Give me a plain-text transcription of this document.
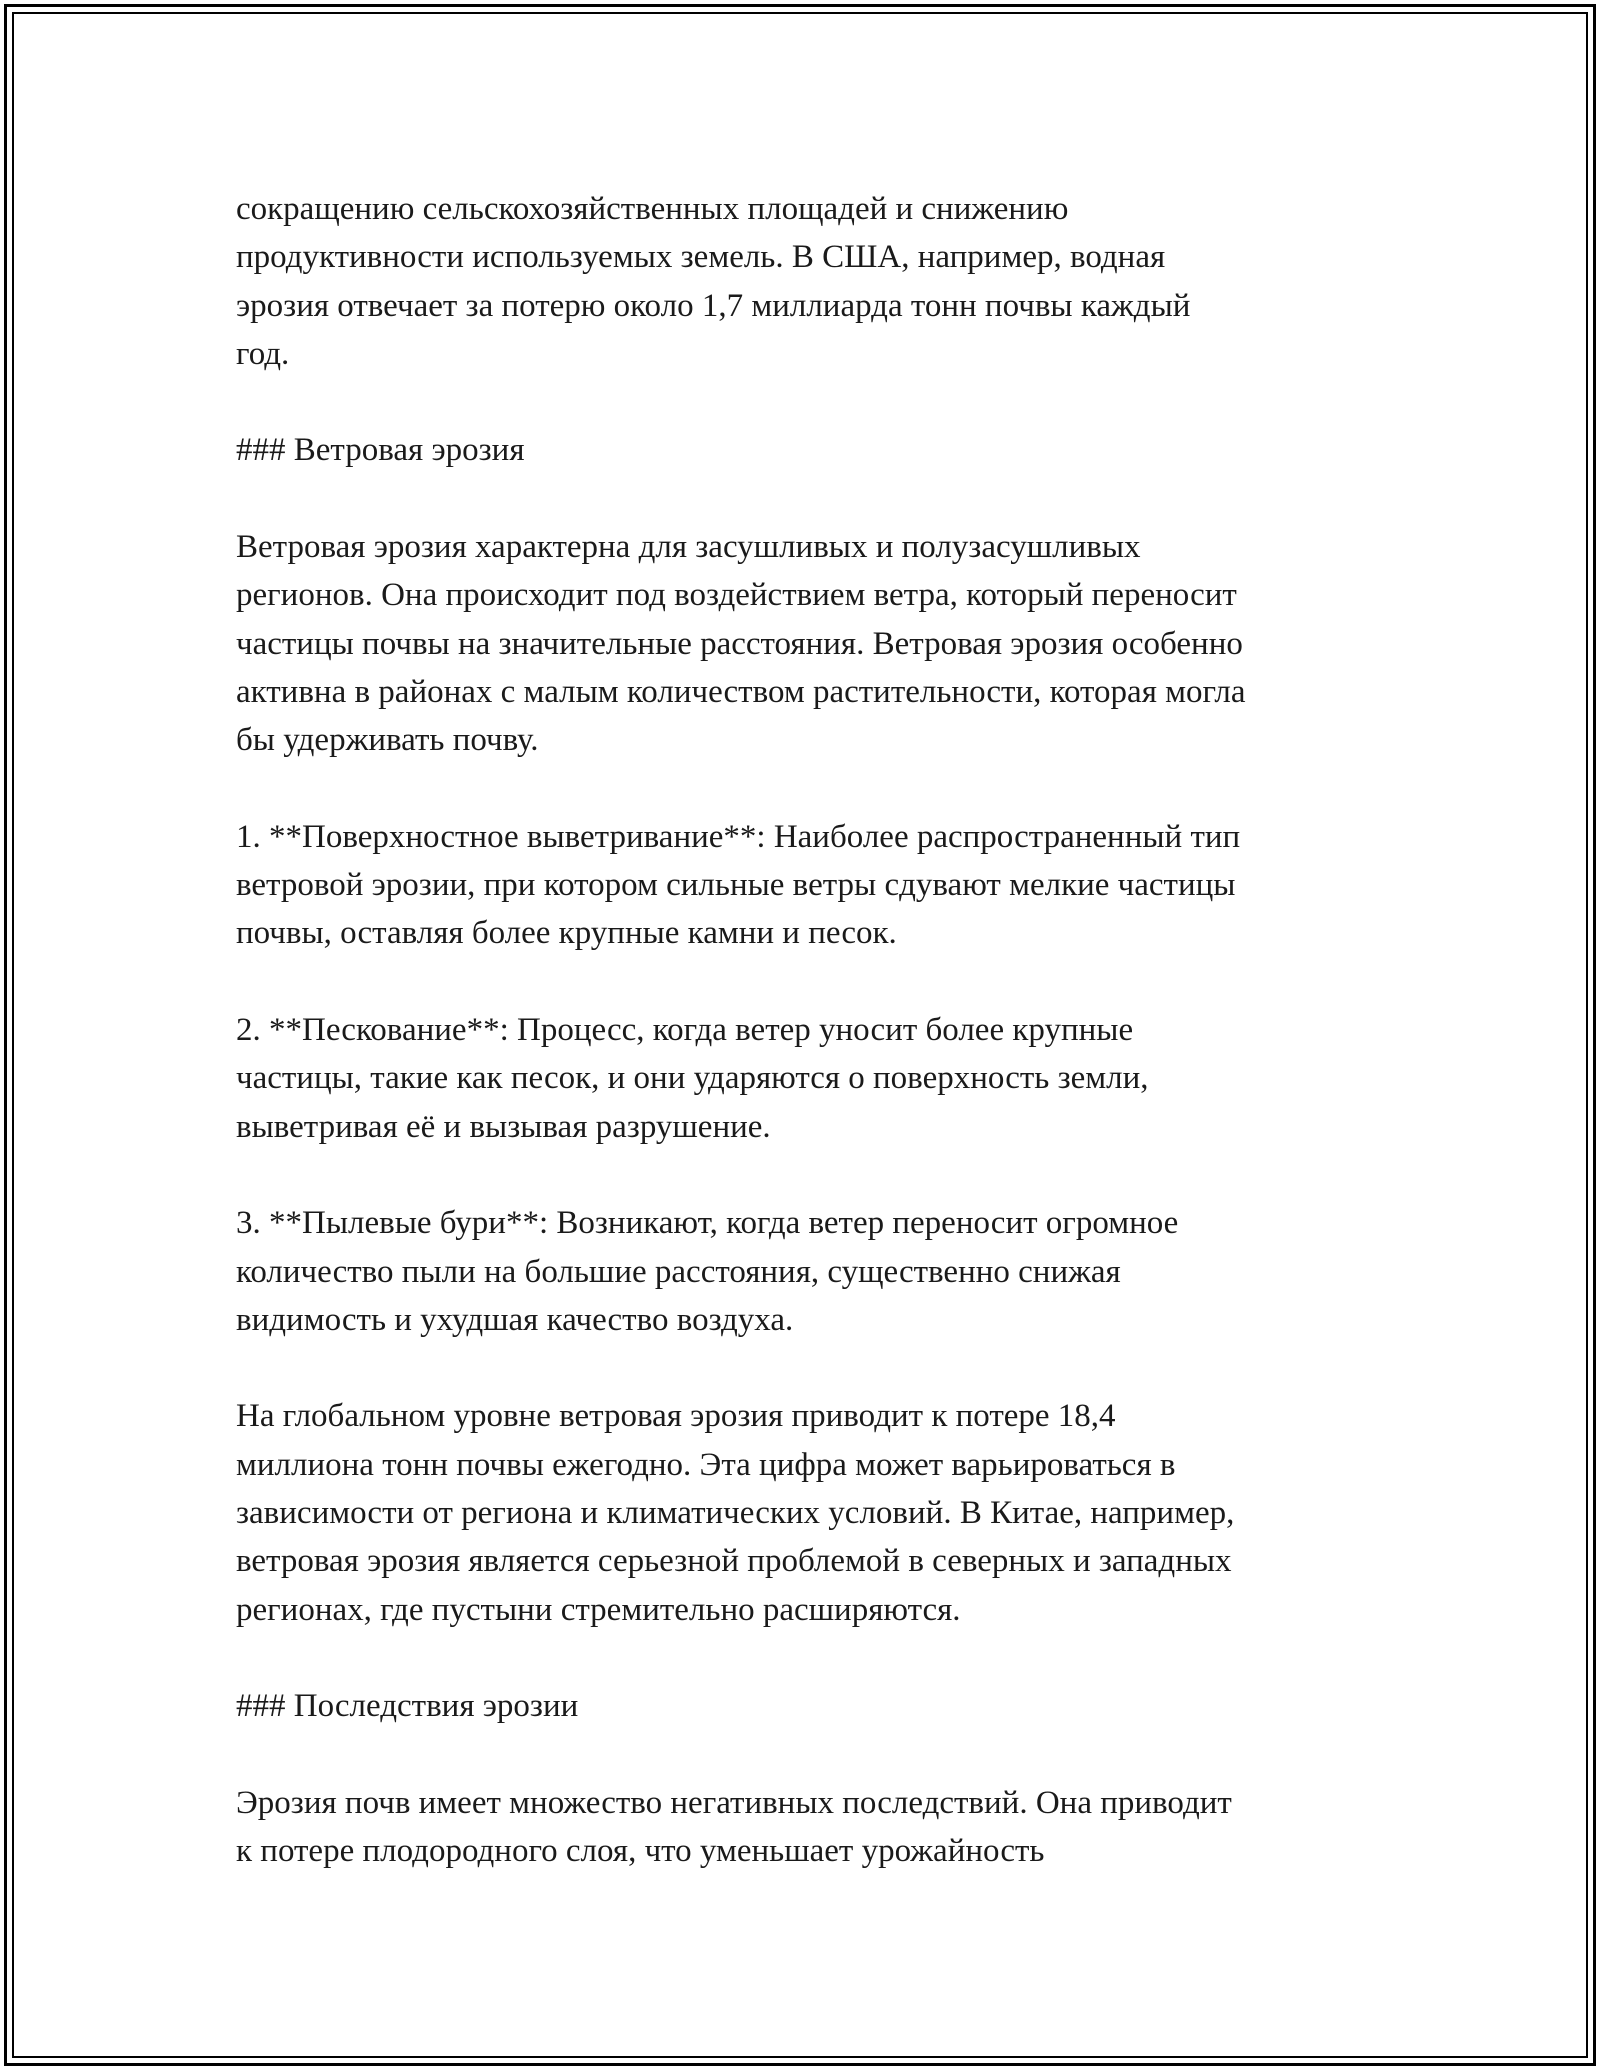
сокращению сельскохозяйственных площадей и снижению
продуктивности используемых земель. В США, например, водная
эрозия отвечает за потерю около 1,7 миллиарда тонн почвы каждый
год.

### Ветровая эрозия

Ветровая эрозия характерна для засушливых и полузасушливых
регионов. Она происходит под воздействием ветра, который переносит
частицы почвы на значительные расстояния. Ветровая эрозия особенно
активна в районах с малым количеством растительности, которая могла
бы удерживать почву.

1. **Поверхностное выветривание**: Наиболее распространенный тип
ветровой эрозии, при котором сильные ветры сдувают мелкие частицы
почвы, оставляя более крупные камни и песок.

2. **Пескование**: Процесс, когда ветер уносит более крупные
частицы, такие как песок, и они ударяются о поверхность земли,
выветривая её и вызывая разрушение.

3. **Пылевые бури**: Возникают, когда ветер переносит огромное
количество пыли на большие расстояния, существенно снижая
видимость и ухудшая качество воздуха.

На глобальном уровне ветровая эрозия приводит к потере 18,4
миллиона тонн почвы ежегодно. Эта цифра может варьироваться в
зависимости от региона и климатических условий. В Китае, например,
ветровая эрозия является серьезной проблемой в северных и западных
регионах, где пустыни стремительно расширяются.

### Последствия эрозии

Эрозия почв имеет множество негативных последствий. Она приводит
к потере плодородного слоя, что уменьшает урожайность
